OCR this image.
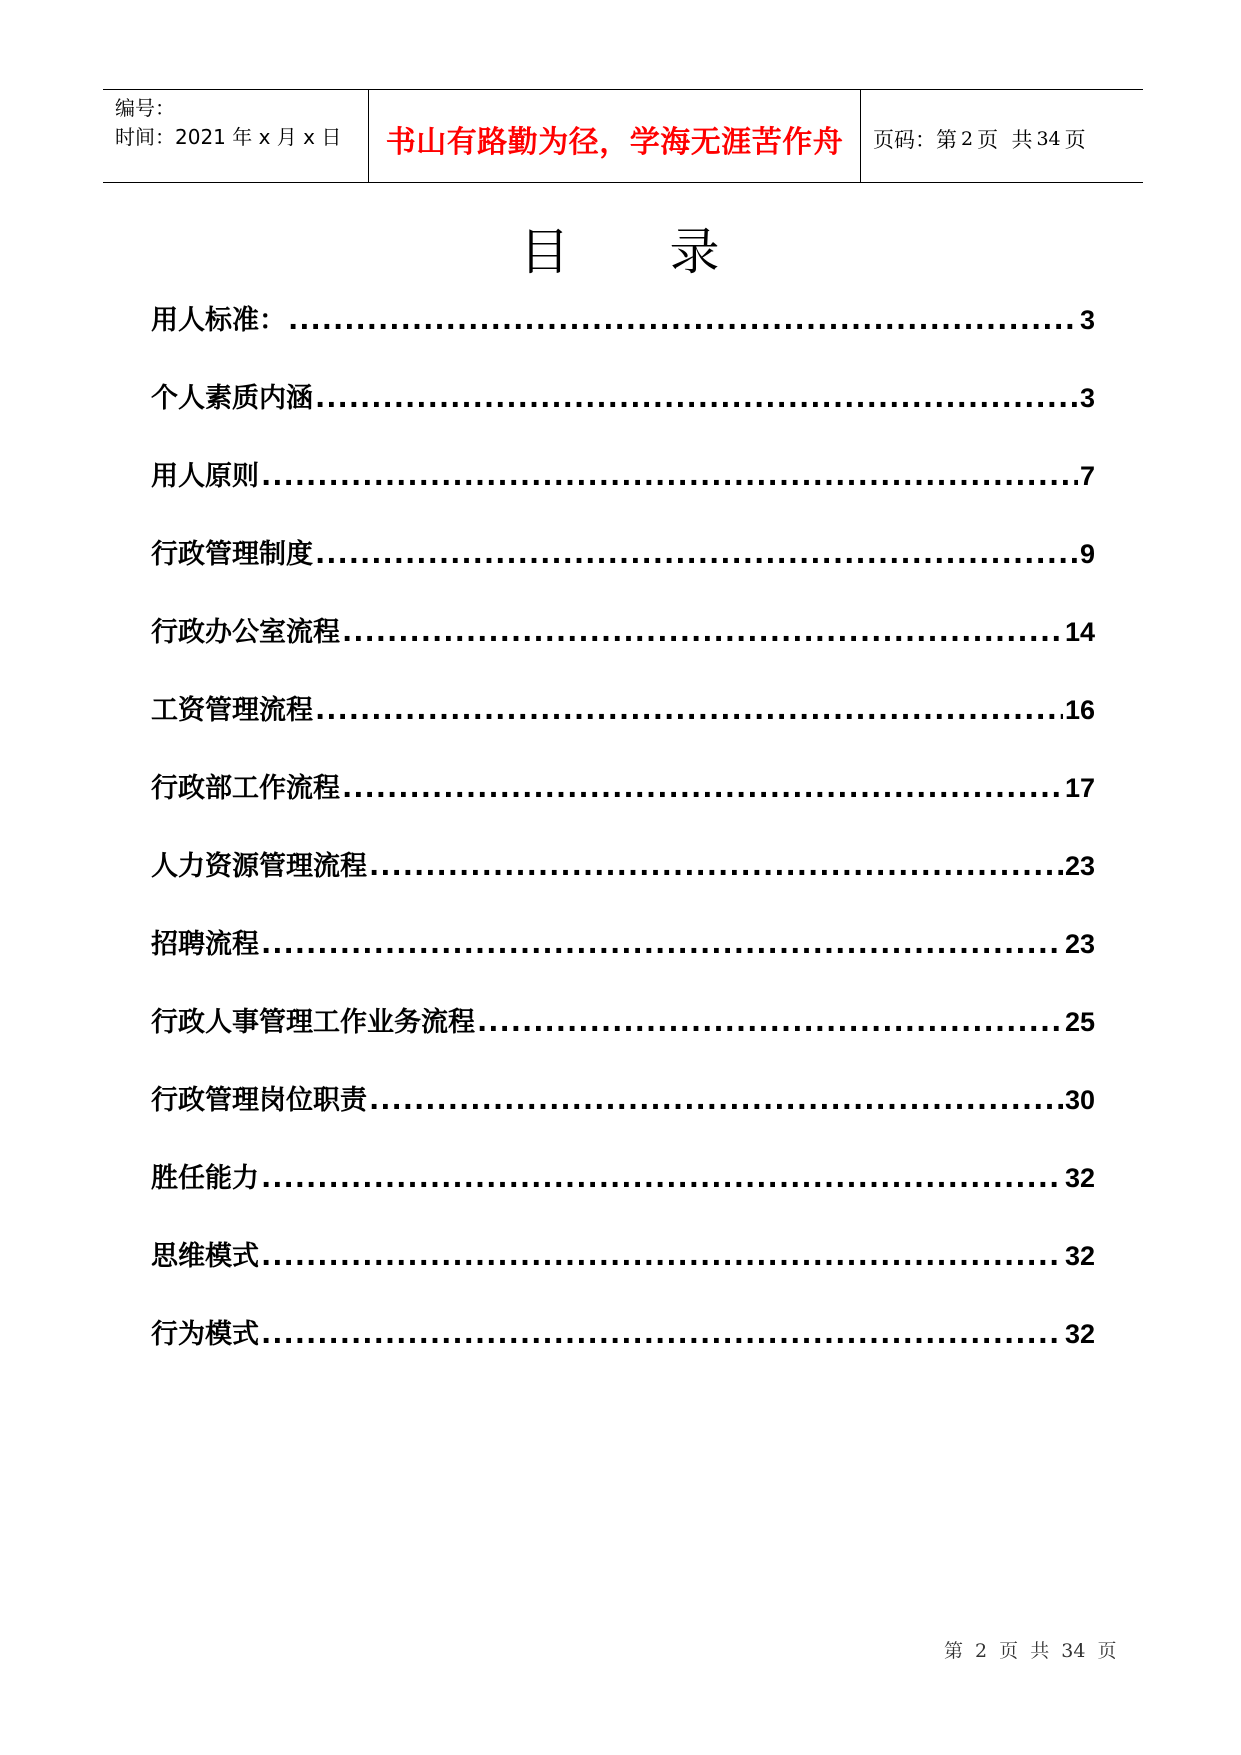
编号：
时间：2021 年 x 月 x 日	书山有路勤为径，学海无涯苦作舟 页码：第 2 页  共 34 页
目 录
用人标准： .....	3
个人素质内涵 .....	3
用人原则 .....	7
行政管理制度 .....	9
行政办公室流程 .....	14
工资管理流程 .....	16
行政部工作流程 .....	17
人力资源管理流程 .....	23
招聘流程 .....	23
行政人事管理工作业务流程 .....	25
行政管理岗位职责 .....	30
胜任能力 .....	32
思维模式 .....	32
行为模式 .....	32
第 2 页 共 34 页
